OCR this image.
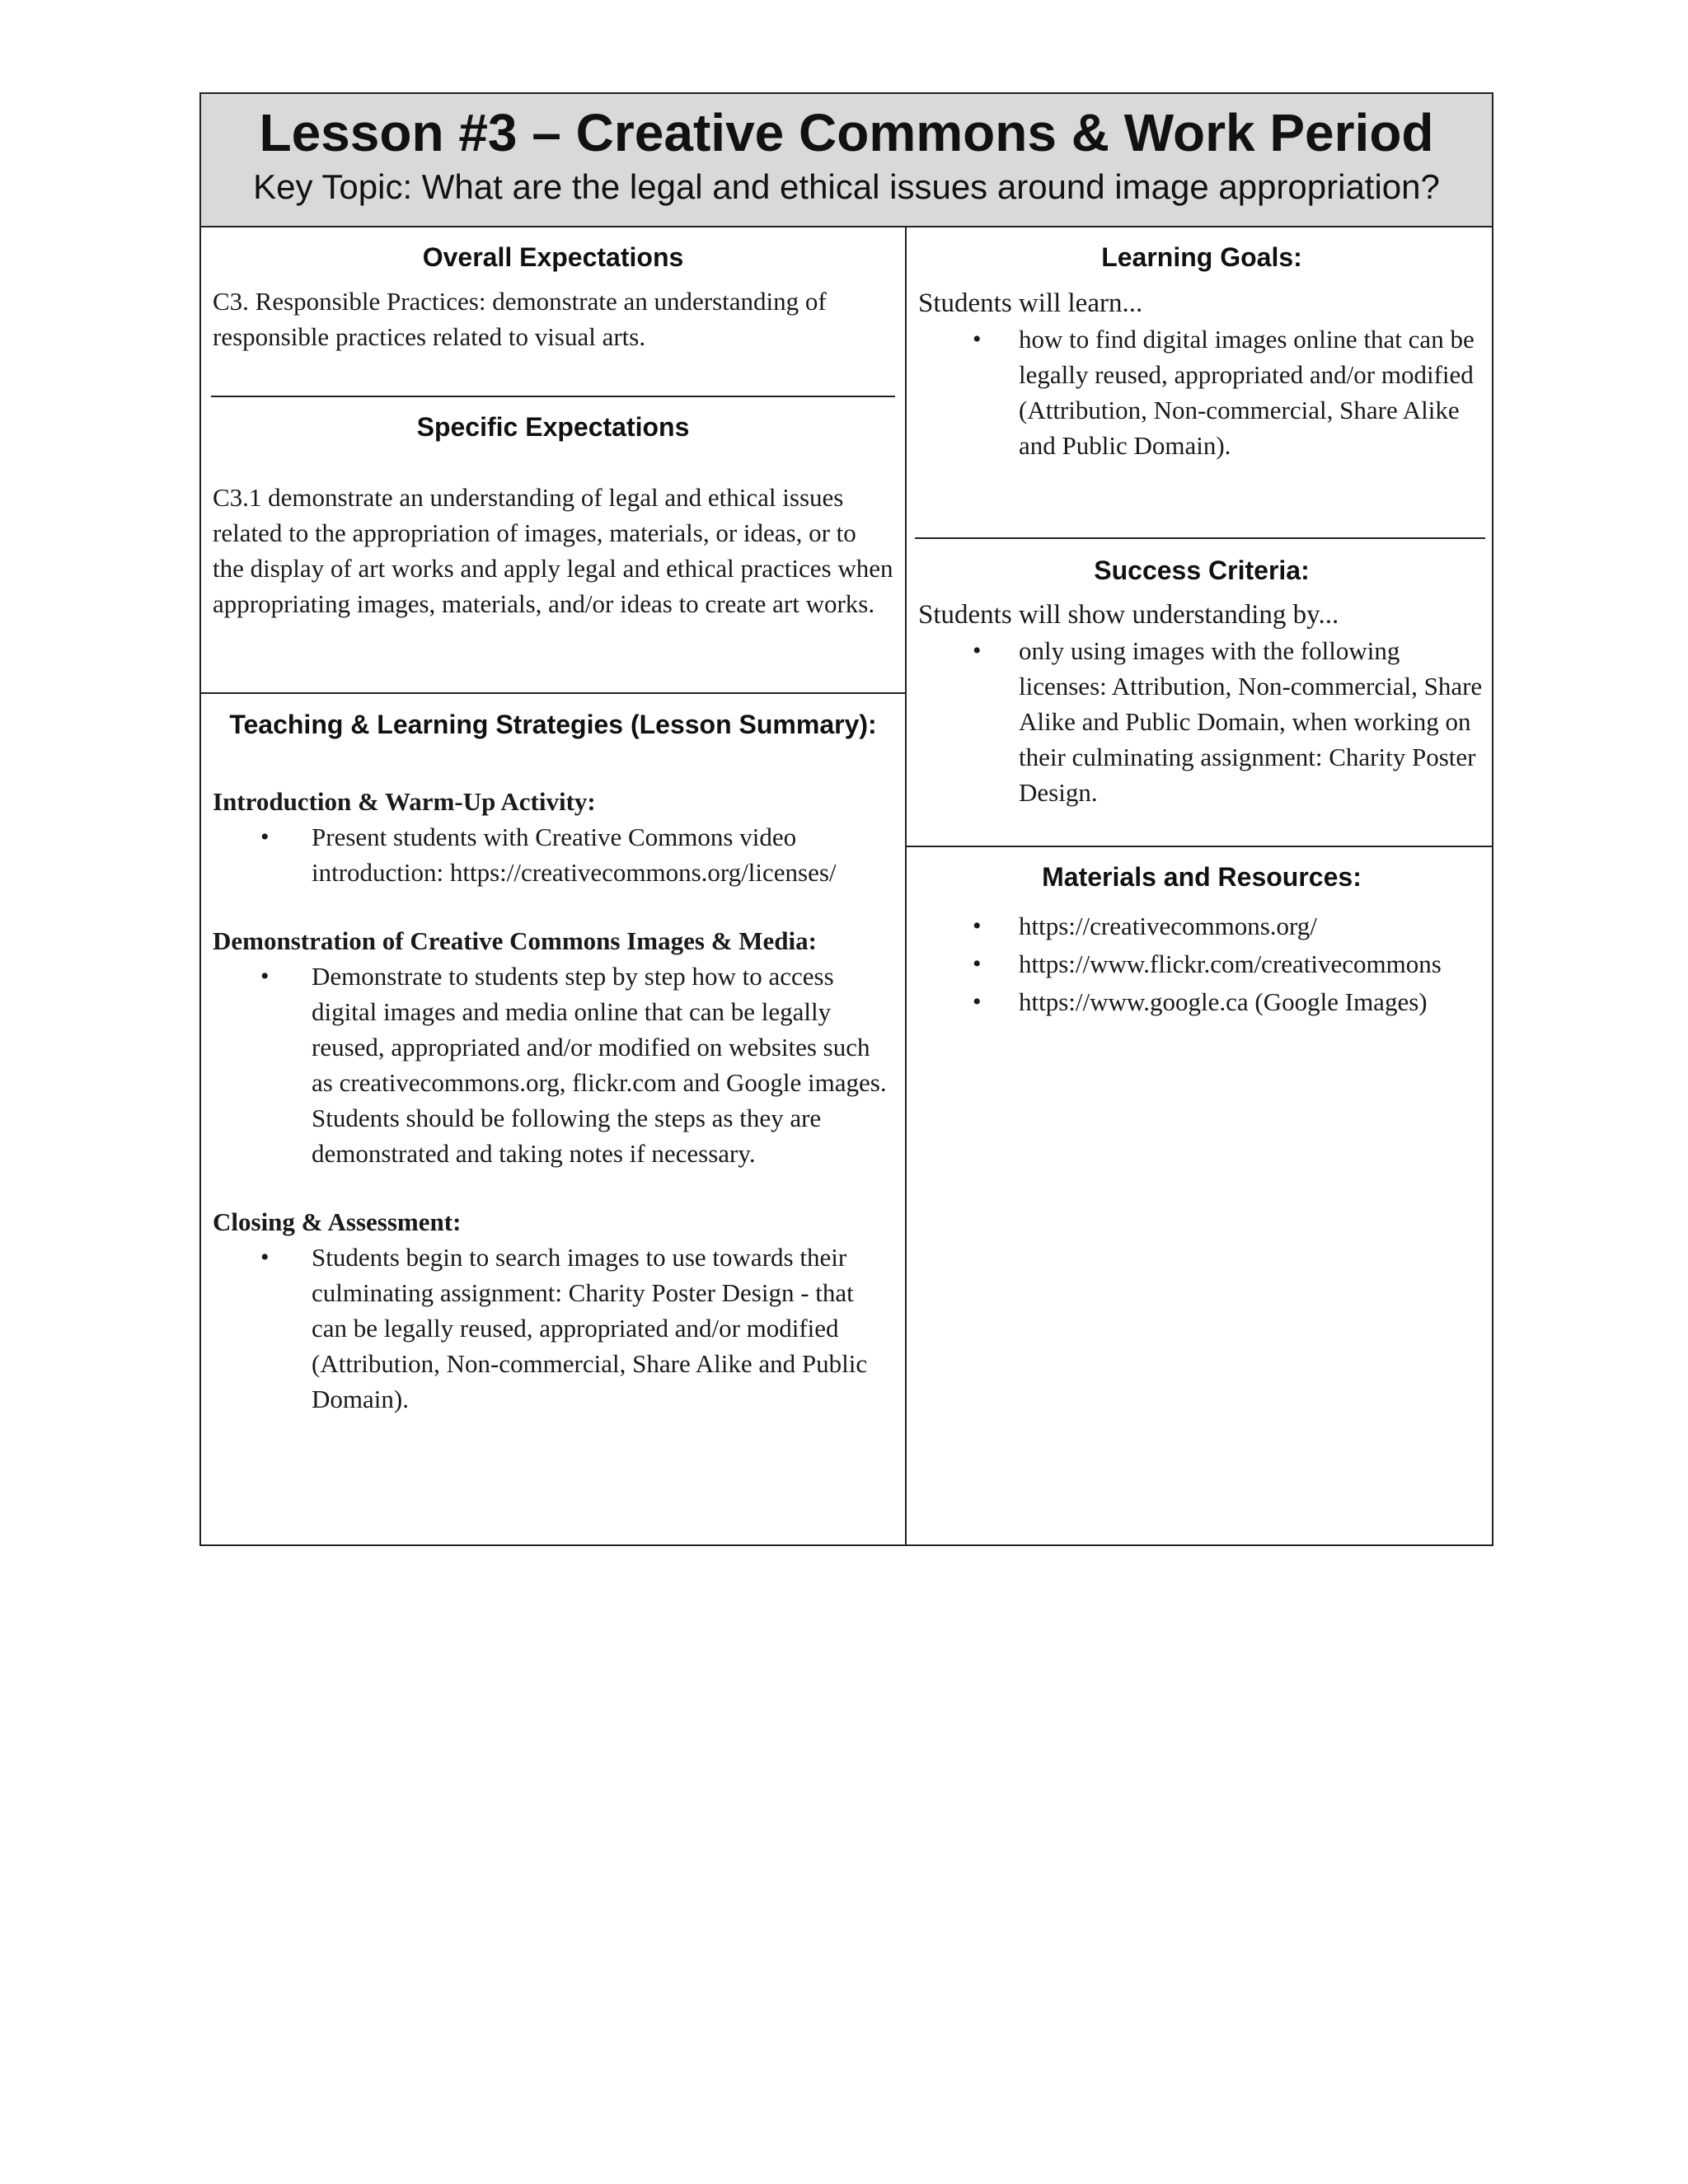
Lesson #3 – Creative Commons & Work Period
Key Topic: What are the legal and ethical issues around image appropriation?
Overall Expectations

C3. Responsible Practices: demonstrate an understanding of responsible practices related to visual arts.

Specific Expectations

C3.1 demonstrate an understanding of legal and ethical issues related to the appropriation of images, materials, or ideas, or to the display of art works and apply legal and ethical practices when appropriating images, materials, and/or ideas to create art works.

Teaching & Learning Strategies (Lesson Summary):

Introduction & Warm-Up Activity:

• Present students with Creative Commons video introduction: https://creativecommons.org/licenses/

Demonstration of Creative Commons Images & Media:

• Demonstrate to students step by step how to access digital images and media online that can be legally reused, appropriated and/or modified on websites such as creativecommons.org, flickr.com and Google images. Students should be following the steps as they are demonstrated and taking notes if necessary.

Closing & Assessment:

• Students begin to search images to use towards their culminating assignment: Charity Poster Design - that can be legally reused, appropriated and/or modified (Attribution, Non-commercial, Share Alike and Public Domain).
Learning Goals:

Students will learn...

• how to find digital images online that can be legally reused, appropriated and/or modified (Attribution, Non-commercial, Share Alike and Public Domain).
Success Criteria:

Students will show understanding by...

• only using images with the following licenses: Attribution, Non-commercial, Share Alike and Public Domain, when working on their culminating assignment: Charity Poster Design.
Materials and Resources:
• https://creativecommons.org/
• https://www.flickr.com/creativecommons
• https://www.google.ca (Google Images)
